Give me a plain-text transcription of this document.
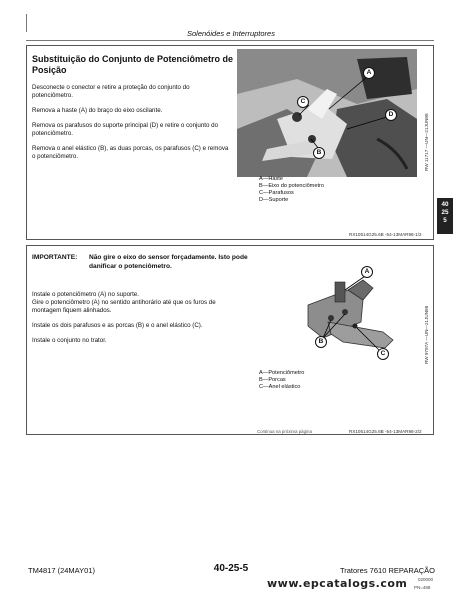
Solenóides e Interruptores
Substituição do Conjunto de Potenciômetro de Posição

Desconecte o conector e retire a proteção do conjunto do potenciômetro.

Remova a haste (A) do braço do eixo oscilante.

Remova os parafusos do suporte principal (D) e retire o conjunto do potenciômetro.

Remova o anel elástico (B), as duas porcas, os parafusos (C) e remova o potenciômetro.

A
C
D
B	RW 11717 —UN—21JUN98
A—Haste
B—Eixo do potenciômetro
C—Parafusos
D—Suporte
RX10514G25.6B -54-13MAR98-1/2
40
25
5
IMPORTANTE: Não gire o eixo do sensor forçadamente. Isto pode danificar o potenciômetro.

Instale o potenciômetro (A) no suporte.

Gire o potenciômetro (A) no sentido antihorário até que os furos de montagem fiquem alinhados.

Instale os dois parafusos e as porcas (B) e o anel elástico (C).

Instale o conjunto no trator.

A
B
C	RW 9797A —UN—21JUN98
A—Potenciômetro
B—Porcas
C—Anel elástico
Continua na próxima página	RX10514G25.6B -54-13MAR98-2/2
TM4817 (24MAY01)	40-25-5	Tratores 7610 REPARAÇÃO
020000
PN=488
www.epcatalogs.com
